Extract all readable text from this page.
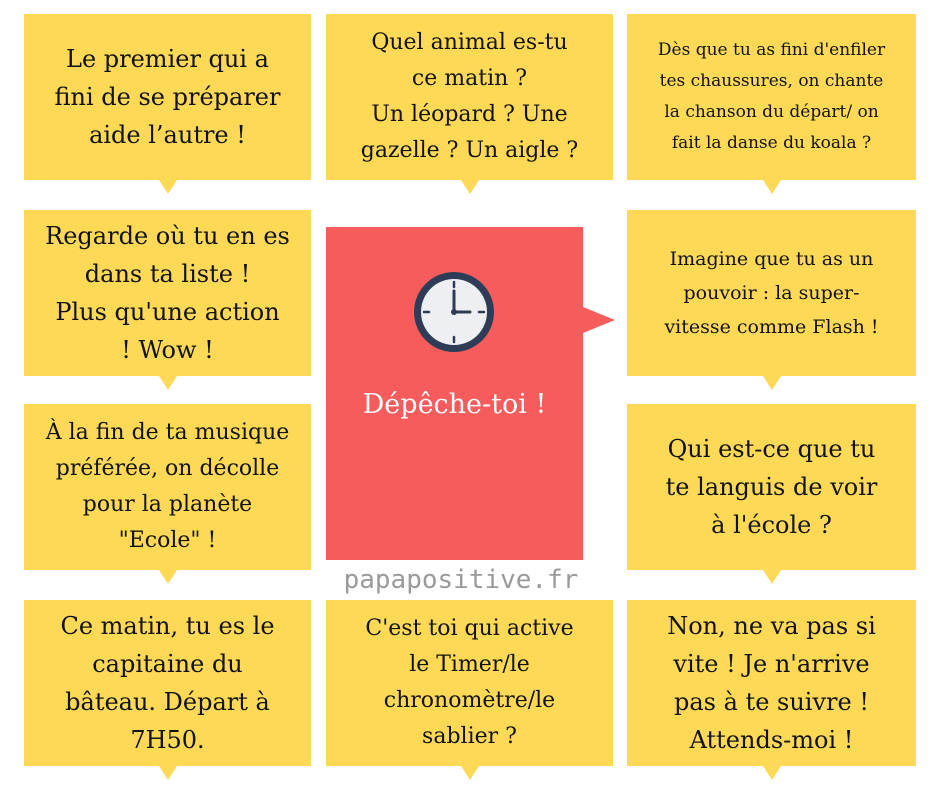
Le premier qui a
fini de se préparer
aide l’autre !
Quel animal es-tu
ce matin ?
Un léopard ? Une
gazelle ? Un aigle ?
Dès que tu as fini d'enfiler
tes chaussures, on chante
la chanson du départ/ on
fait la danse du koala ?
Regarde où tu en es
dans ta liste !
Plus qu'une action
! Wow !
Imagine que tu as un
pouvoir : la super-
vitesse comme Flash !
Dépêche-toi !
À la fin de ta musique
préférée, on décolle
pour la planète
"Ecole" !
Qui est-ce que tu
te languis de voir
à l'école ?
papapositive.fr
Ce matin, tu es le
capitaine du
bâteau. Départ à
7H50.
C'est toi qui active
le Timer/le
chronomètre/le
sablier ?
Non, ne va pas si
vite ! Je n'arrive
pas à te suivre !
Attends-moi !
